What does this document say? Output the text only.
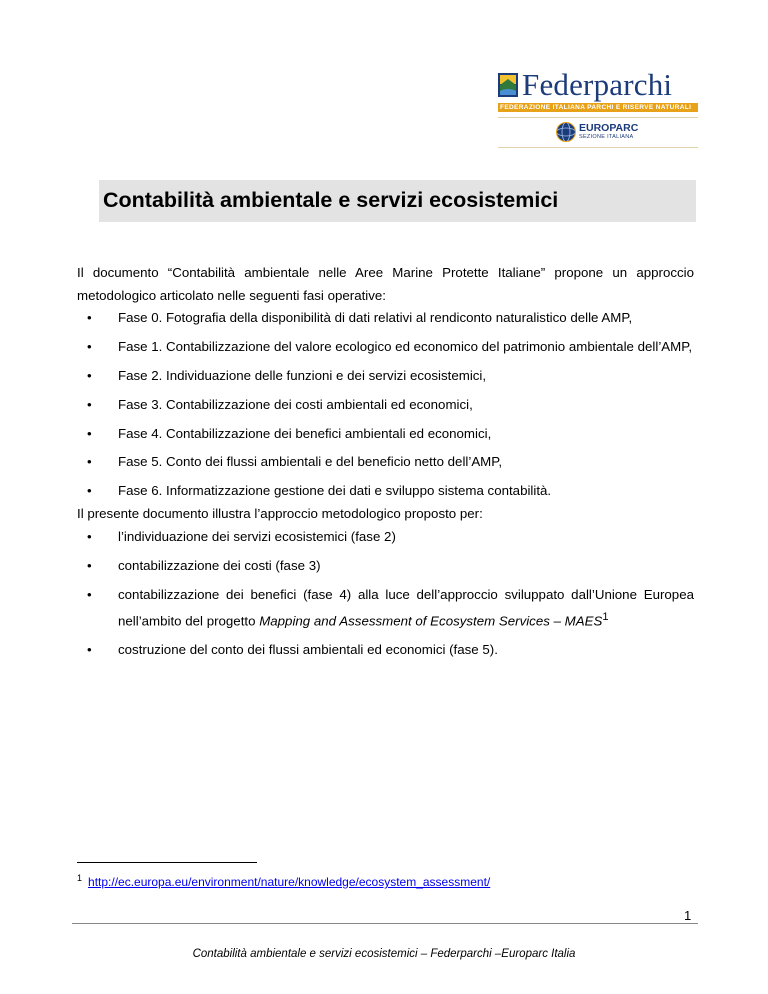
Federparchi
FEDERAZIONE ITALIANA PARCHI E RISERVE NATURALI
EUROPARC
SEZIONE ITALIANA
Contabilità ambientale e servizi ecosistemici

Il documento “Contabilità ambientale nelle Aree Marine Protette Italiane” propone un approccio metodologico articolato nelle seguenti fasi operative:

• Fase 0. Fotografia della disponibilità di dati relativi al rendiconto naturalistico delle AMP,
• Fase 1. Contabilizzazione del valore ecologico ed economico del patrimonio ambientale dell’AMP,
• Fase 2. Individuazione delle funzioni e dei servizi ecosistemici,
• Fase 3. Contabilizzazione dei costi ambientali ed economici,
• Fase 4. Contabilizzazione dei benefici ambientali ed economici,
• Fase 5. Conto dei flussi ambientali e del beneficio netto dell’AMP,
• Fase 6. Informatizzazione gestione dei dati e sviluppo sistema contabilità.

Il presente documento illustra l’approccio metodologico proposto per:

• l’individuazione dei servizi ecosistemici (fase 2)
• contabilizzazione dei costi (fase 3)
• contabilizzazione dei benefici (fase 4) alla luce dell’approccio sviluppato dall’Unione Europea nell’ambito del progetto Mapping and Assessment of Ecosystem Services – MAES$^1$
• costruzione del conto dei flussi ambientali ed economici (fase 5).
$^1$ http://ec.europa.eu/environment/nature/knowledge/ecosystem_assessment/
1
Contabilità ambientale e servizi ecosistemici – Federparchi –Europarc Italia
